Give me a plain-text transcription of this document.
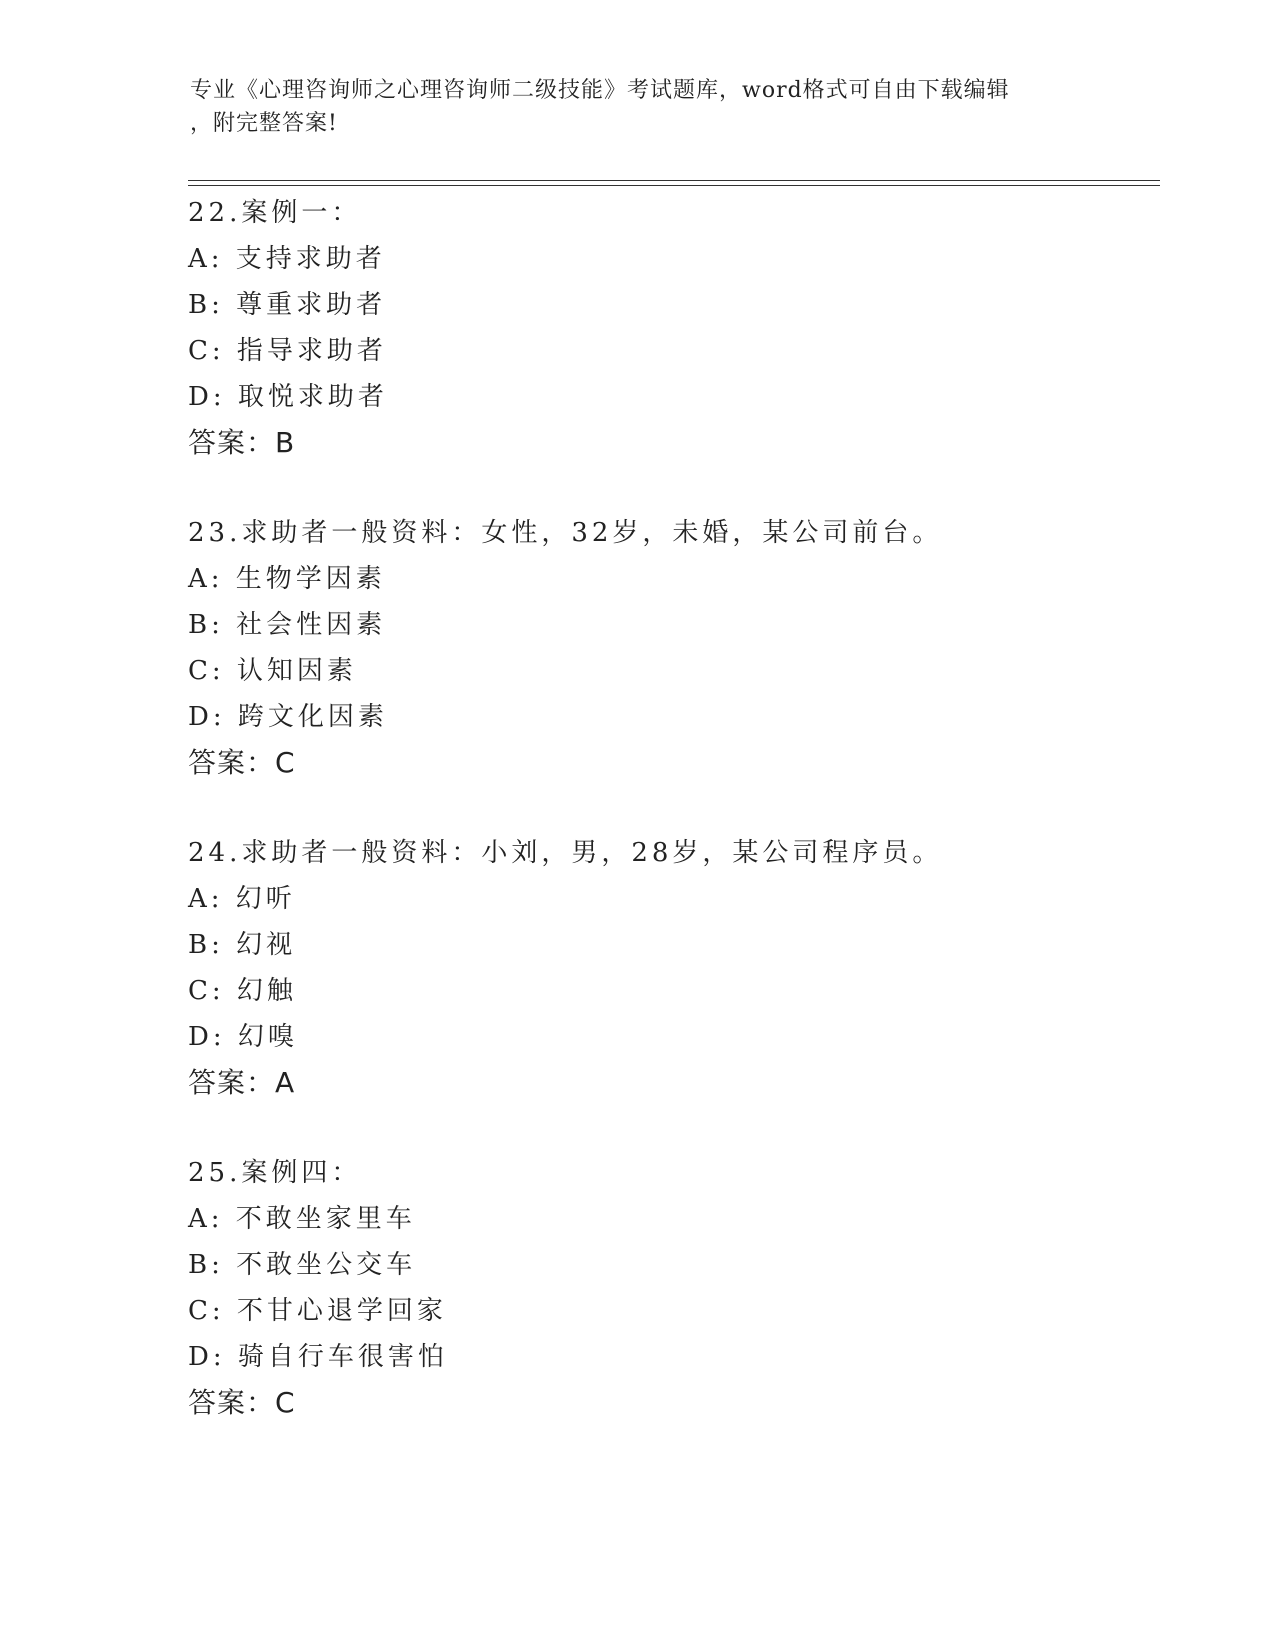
专业《心理咨询师之心理咨询师二级技能》考试题库，word格式可自由下载编辑
，附完整答案!
22.案例一：
A: 支持求助者
B: 尊重求助者
C: 指导求助者
D: 取悦求助者
答案：B
23.求助者一般资料：女性，32岁，未婚，某公司前台。
A: 生物学因素
B: 社会性因素
C: 认知因素
D: 跨文化因素
答案：C
24.求助者一般资料：小刘，男，28岁，某公司程序员。
A: 幻听
B: 幻视
C: 幻触
D: 幻嗅
答案：A
25.案例四：
A: 不敢坐家里车
B: 不敢坐公交车
C: 不甘心退学回家
D: 骑自行车很害怕
答案：C
